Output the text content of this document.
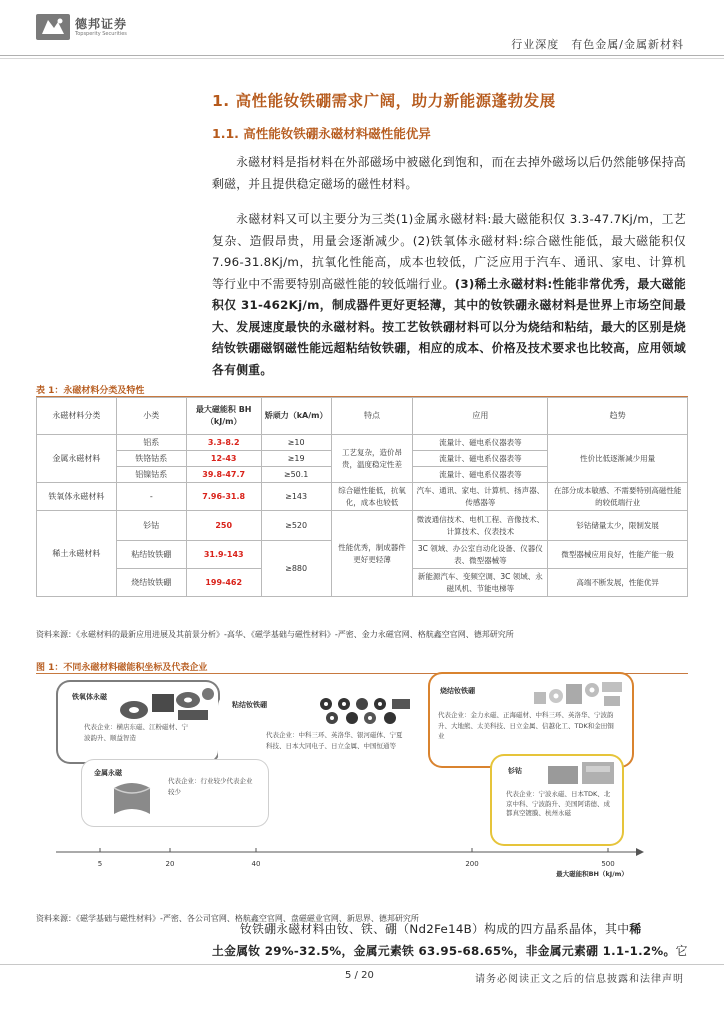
德邦证券
Topsperity Securities
行业深度　有色金属/金属新材料
1. 高性能钕铁硼需求广阔，助力新能源蓬勃发展
1.1. 高性能钕铁硼永磁材料磁性能优异
永磁材料是指材料在外部磁场中被磁化到饱和，而在去掉外磁场以后仍然能够保持高剩磁，并且提供稳定磁场的磁性材料。
永磁材料又可以主要分为三类(1)金属永磁材料:最大磁能积仅 3.3-47.7Kj/m，工艺复杂、造假昂贵，用量会逐渐减少。(2)铁氧体永磁材料:综合磁性能低，最大磁能积仅 7.96-31.8Kj/m，抗氧化性能高，成本也较低，广泛应用于汽车、通讯、家电、计算机等行业中不需要特别高磁性能的较低端行业。(3)稀土永磁材料:性能非常优秀，最大磁能积仅 31-462Kj/m，制成器件更好更轻薄，其中的钕铁硼永磁材料是世界上市场空间最大、发展速度最快的永磁材料。按工艺钕铁硼材料可以分为烧结和粘结，最大的区别是烧结钕铁硼磁钢磁性能远超粘结钕铁硼，相应的成本、价格及技术要求也比较高，应用领域各有侧重。
表 1：永磁材料分类及特性
永磁材料分类	小类	最大磁能积 BH（kJ/m）	矫顽力（kA/m）	特点	应用	趋势
金属永磁材料	铝系	3.3-8.2	≥10	工艺复杂，造价昂贵，温度稳定性差	流量计、磁电系仪器表等	性价比低逐渐减少用量
	铁铬钴系	12-43	≥19		流量计、磁电系仪器表等	
	铝镍钴系	39.8-47.7	≥50.1		流量计、磁电系仪器表等	
铁氧体永磁材料	-	7.96-31.8	≥143	综合磁性能低，抗氧化，成本也较低	汽车、通讯、家电、计算机、扬声器、传感器等	在部分成本敏感、不需要特别高磁性能的较低端行业
稀土永磁材料	钐钴	250	≥520	性能优秀，制成器件更好更轻薄	微波通信技术、电机工程、音像技术、计算技术、仪表技术	钐钴储量太少，限制发展
	粘结钕铁硼	31.9-143	≥880		3C 领域、办公室自动化设备、仪器仪表、微型器械等	微型器械应用良好，性能产能一般
	烧结钕铁硼	199-462			新能源汽车、变频空调、3C 领域、永磁风机、节能电梯等	高端不断发展，性能优异
资料来源：《永磁材料的最新应用进展及其前景分析》-高华、《磁学基础与磁性材料》-严密、金力永磁官网、格航鑫空官网、德邦研究所
图 1：不同永磁材料磁能积坐标及代表企业
铁氧体永磁
代表企业：横店东磁、江粉磁材、宁波韵升、顺益智造
粘结钕铁硼
代表企业：中科三环、英洛华、银河磁体、宁夏科技、日本大同电子、日立金属、中国恒通等
烧结钕铁硼
代表企业：金力永磁、正海磁材、中科三环、英洛华、宁波韵升、大地熊、太美科技、日立金属、信越化工、TDK和金田铜业
金属永磁
代表企业：行业较少代表企业较少
钐钴
代表企业：宁波永磁、日本TDK、北京中科、宁波韵升、美国阿诺德、成都真空镀膜、杭州永磁
5	20	40	200	500
最大磁能积BH（kJ/m）
资料来源：《磁学基础与磁性材料》-严密、各公司官网、格航鑫空官网、盘磁磁业官网、新思界、德邦研究所
钕铁硼永磁材料由钕、铁、硼（Nd2Fe14B）构成的四方晶系晶体，其中稀
土金属钕 29%-32.5%，金属元素铁 63.95-68.65%，非金属元素硼 1.1-1.2%。它
5 / 20	请务必阅读正文之后的信息披露和法律声明
